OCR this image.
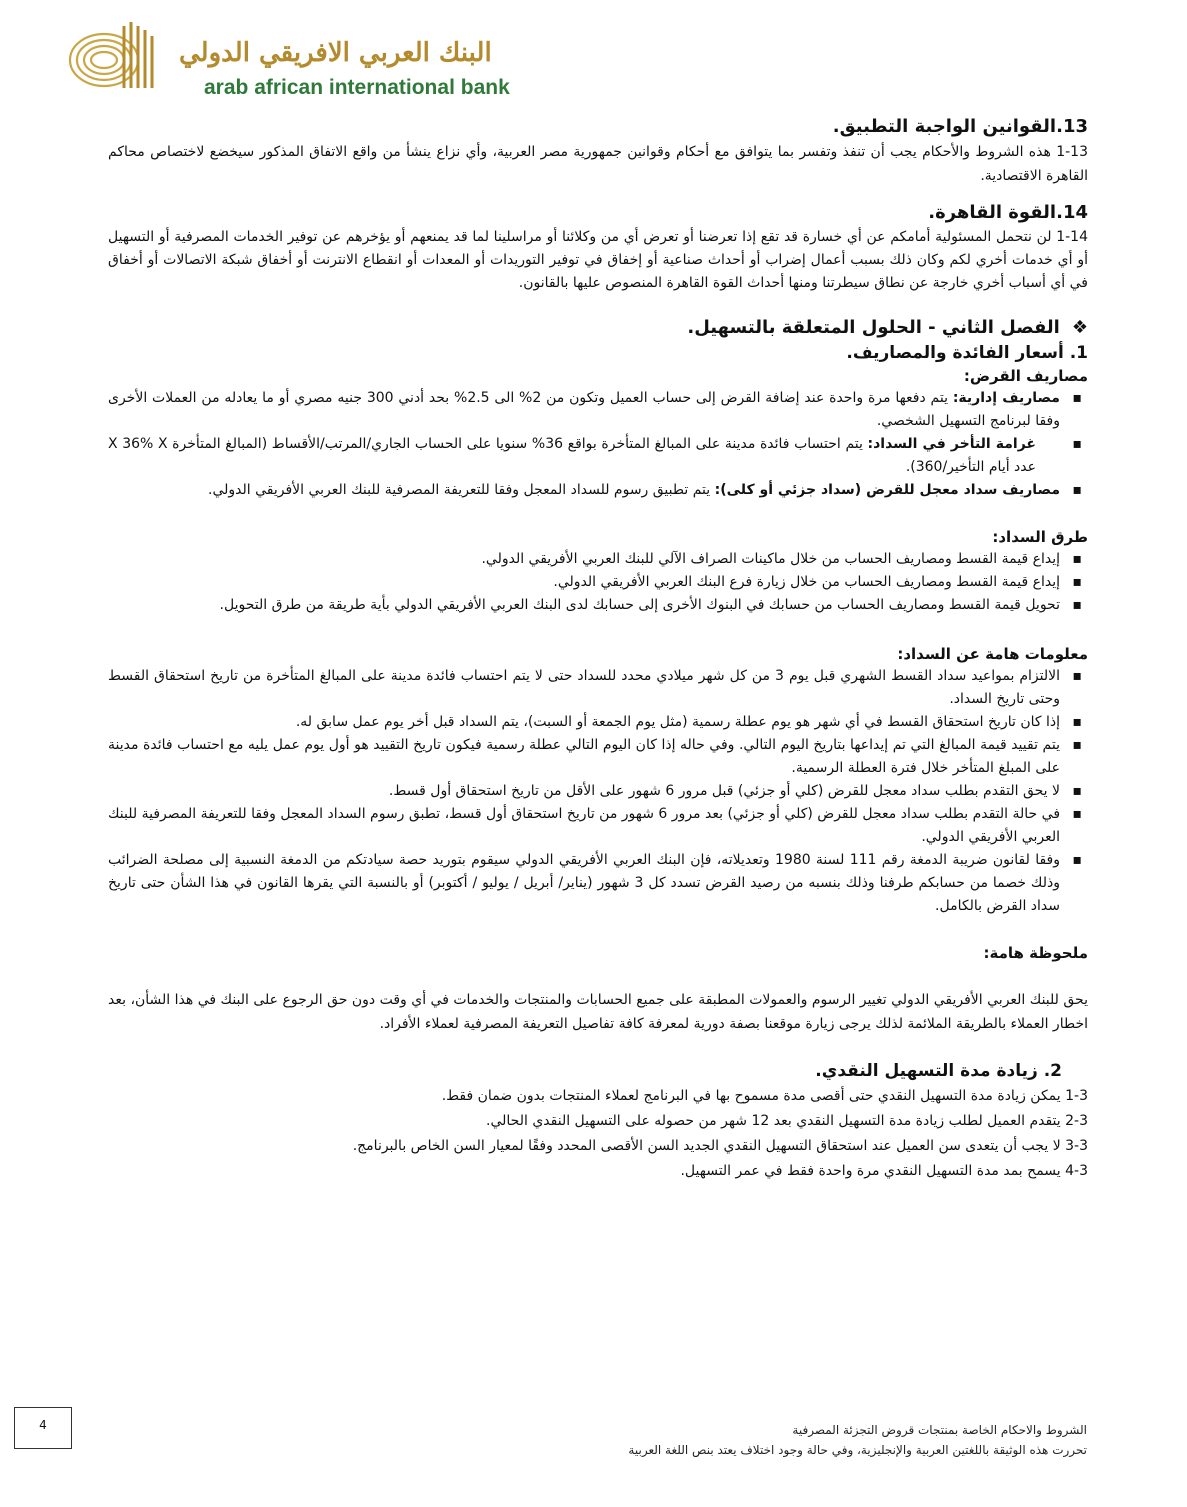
البنك العربي الافريقي الدولي
arab african international bank
13.القوانين الواجبة التطبيق.

1-13 هذه الشروط والأحكام يجب أن تنفذ وتفسر بما يتوافق مع أحكام وقوانين جمهورية مصر العربية، وأي نزاع ينشأ من واقع الاتفاق المذكور سيخضع لاختصاص محاكم القاهرة الاقتصادية.

14.القوة القاهرة.

1-14 لن نتحمل المسئولية أمامكم عن أي خسارة قد تقع إذا تعرضنا أو تعرض أي من وكلائنا أو مراسلينا لما قد يمنعهم أو يؤخرهم عن توفير الخدمات المصرفية أو التسهيل أو أي خدمات أخري لكم وكان ذلك بسبب أعمال إضراب أو أحداث صناعية أو إخفاق في توفير التوريدات أو المعدات أو انقطاع الانترنت أو أخفاق شبكة الاتصالات أو أخفاق في أي أسباب أخري خارجة عن نطاق سيطرتنا ومنها أحداث القوة القاهرة المنصوص عليها بالقانون.

❖الفصل الثاني - الحلول المتعلقة بالتسهيل.
1. أسعار الفائدة والمصاريف.
مصاريف القرض:
▪ مصاريف إدارية: يتم دفعها مرة واحدة عند إضافة القرض إلى حساب العميل وتكون من 2% الى 2.5% بحد أدني 300 جنيه مصري أو ما يعادله من العملات الأخرى وفقا لبرنامج التسهيل الشخصي.
▪ غرامة التأخر في السداد: يتم احتساب فائدة مدينة على المبالغ المتأخرة بواقع 36% سنويا على الحساب الجاري/المرتب/الأقساط (المبالغ المتأخرة X 36% X عدد أيام التأخير/360).
▪ مصاريف سداد معجل للقرض (سداد جزئي أو كلى): يتم تطبيق رسوم للسداد المعجل وفقا للتعريفة المصرفية للبنك العربي الأفريقي الدولي.
طرق السداد:
▪ إيداع قيمة القسط ومصاريف الحساب من خلال ماكينات الصراف الآلي للبنك العربي الأفريقي الدولي.
▪ إيداع قيمة القسط ومصاريف الحساب من خلال زيارة فرع البنك العربي الأفريقي الدولي.
▪ تحويل قيمة القسط ومصاريف الحساب من حسابك في البنوك الأخرى إلى حسابك لدى البنك العربي الأفريقي الدولي بأية طريقة من طرق التحويل.
معلومات هامة عن السداد:
▪ الالتزام بمواعيد سداد القسط الشهري قبل يوم 3 من كل شهر ميلادي محدد للسداد حتى لا يتم احتساب فائدة مدينة على المبالغ المتأخرة من تاريخ استحقاق القسط وحتى تاريخ السداد.
▪ إذا كان تاريخ استحقاق القسط في أي شهر هو يوم عطلة رسمية (مثل يوم الجمعة أو السبت)، يتم السداد قبل أخر يوم عمل سابق له.
▪ يتم تقييد قيمة المبالغ التي تم إيداعها بتاريخ اليوم التالي. وفي حاله إذا كان اليوم التالي عطلة رسمية فيكون تاريخ التقييد هو أول يوم عمل يليه مع احتساب فائدة مدينة على المبلغ المتأخر خلال فترة العطلة الرسمية.
▪ لا يحق التقدم بطلب سداد معجل للقرض (كلي أو جزئي) قبل مرور 6 شهور على الأقل من تاريخ استحقاق أول قسط.
▪ في حالة التقدم بطلب سداد معجل للقرض (كلي أو جزئي) بعد مرور 6 شهور من تاريخ استحقاق أول قسط، تطبق رسوم السداد المعجل وفقا للتعريفة المصرفية للبنك العربي الأفريقي الدولي.
▪ وفقا لقانون ضريبة الدمغة رقم 111 لسنة 1980 وتعديلاته، فإن البنك العربي الأفريقي الدولي سيقوم بتوريد حصة سيادتكم من الدمغة النسبية إلى مصلحة الضرائب وذلك خصما من حسابكم طرفنا وذلك بنسبه من رصيد القرض تسدد كل 3 شهور (يناير/ أبريل / يوليو / أكتوبر) أو بالنسبة التي يقرها القانون في هذا الشأن حتى تاريخ سداد القرض بالكامل.
ملحوظة هامة:

يحق للبنك العربي الأفريقي الدولي تغيير الرسوم والعمولات المطبقة على جميع الحسابات والمنتجات والخدمات في أي وقت دون حق الرجوع على البنك في هذا الشأن، بعد اخطار العملاء بالطريقة الملائمة لذلك يرجى زيارة موقعنا بصفة دورية لمعرفة كافة تفاصيل التعريفة المصرفية لعملاء الأفراد.

2. زيادة مدة التسهيل النقدي.

1-3 يمكن زيادة مدة التسهيل النقدي حتى أقصى مدة مسموح بها في البرنامج لعملاء المنتجات بدون ضمان فقط.

2-3 يتقدم العميل لطلب زيادة مدة التسهيل النقدي بعد 12 شهر من حصوله على التسهيل النقدي الحالي.

3-3 لا يجب أن يتعدى سن العميل عند استحقاق التسهيل النقدي الجديد السن الأقصى المحدد وفقًا لمعيار السن الخاص بالبرنامج.

4-3 يسمح بمد مدة التسهيل النقدي مرة واحدة فقط في عمر التسهيل.

4	الشروط والاحكام الخاصة بمنتجات قروض التجزئة المصرفية
تحررت هذه الوثيقة باللغتين العربية والإنجليزية، وفي حالة وجود اختلاف يعتد بنص اللغة العربية
